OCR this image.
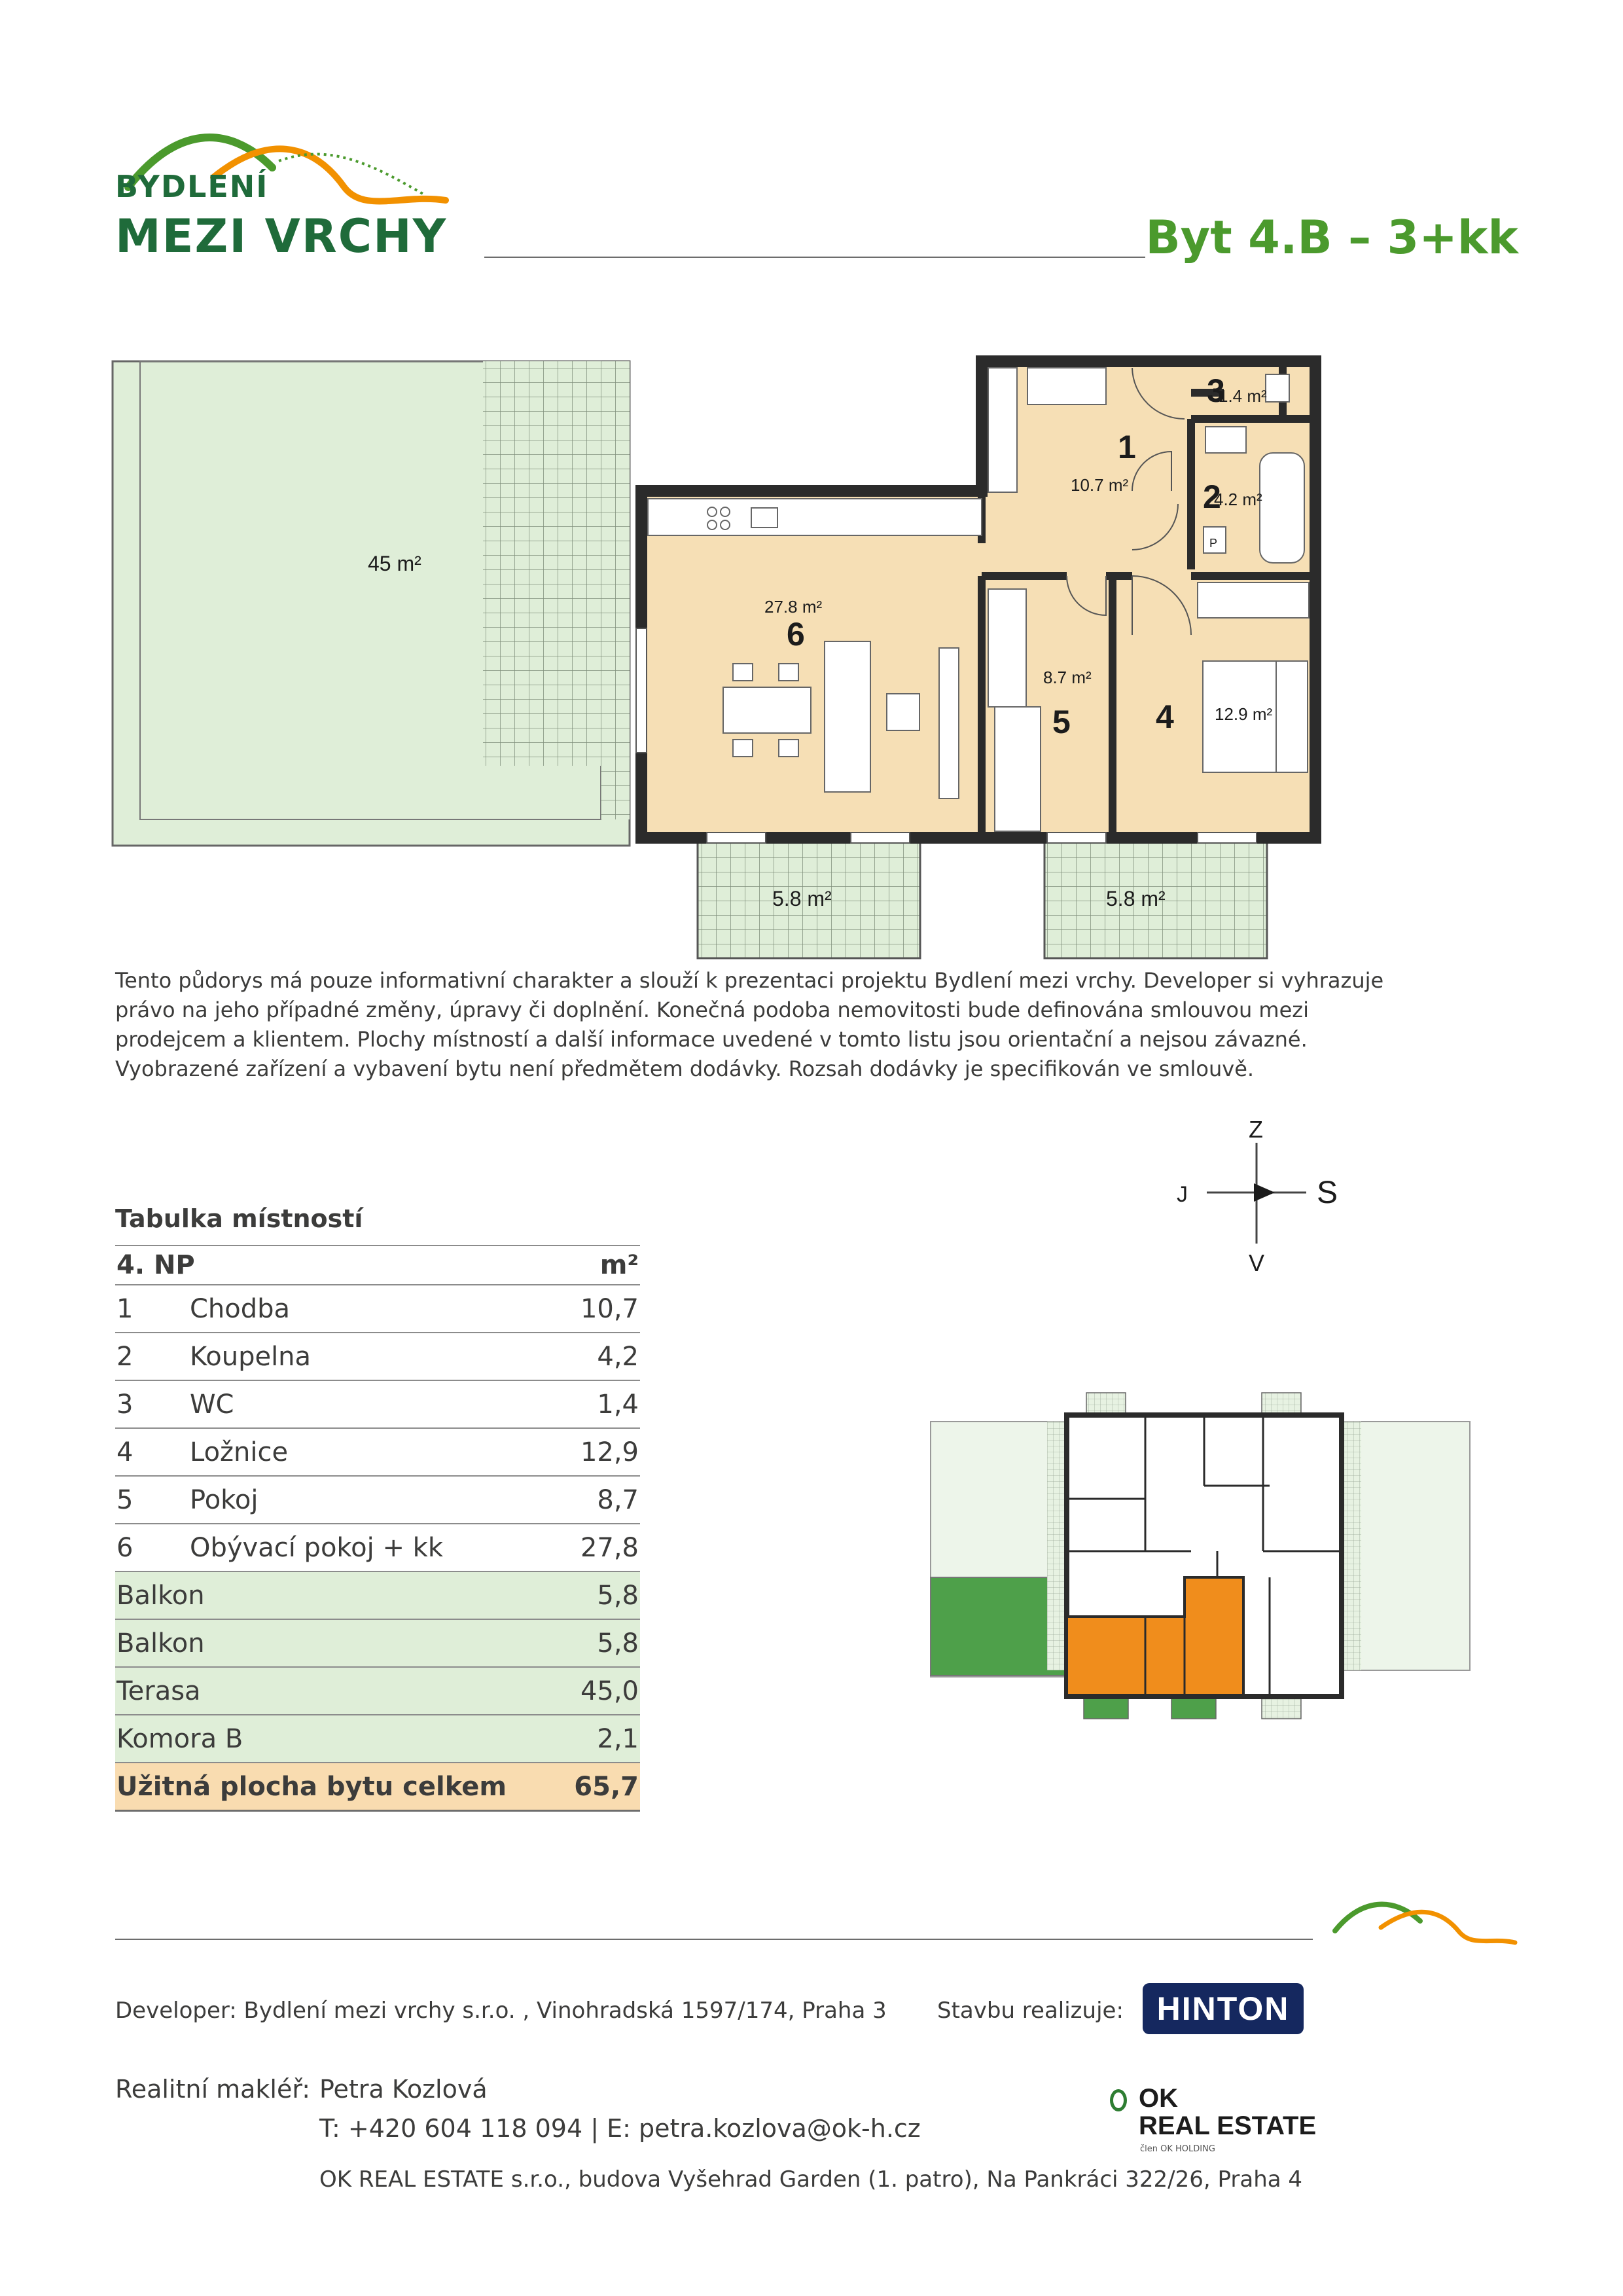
BYDLENÍ
MEZI VRCHY	Byt 4.B – 3+kk
1
10.7 m² 2
4.2 m²
3
1.4 m²
4 12.9 m²
5
8.7 m²
6
27.8 m²
45 m²
5.8 m²	5.8 m²
P
Tento půdorys má pouze informativní charakter a slouží k prezentaci projektu Bydlení mezi vrchy. Developer si vyhrazuje
právo na jeho případné změny, úpravy či doplnění. Konečná podoba nemovitosti bude definována smlouvou mezi
prodejcem a klientem. Plochy místností a další informace uvedené v tomto listu jsou orientační a nejsou závazné.
Vyobrazené zařízení a vybavení bytu není předmětem dodávky. Rozsah dodávky je specifikován ve smlouvě.
Z
J	S
V
Tabulka místností
4. NP		m²
1	Chodba	10,7
2	Koupelna	4,2
3	WC	1,4
4	Ložnice	12,9
5	Pokoj	8,7
6	Obývací pokoj + kk	27,8
Balkon		5,8
Balkon		5,8
Terasa		45,0
Komora B		2,1
Užitná plocha bytu celkem		65,7
Developer: Bydlení mezi vrchy s.r.o. , Vinohradská 1597/174, Praha 3 Stavbu realizuje:	HINTON
Realitní makléř: Petra Kozlová
T: +420 604 118 094 | E: petra.kozlova@ok-h.cz
OK
REAL ESTATE
člen OK HOLDING
OK REAL ESTATE s.r.o., budova Vyšehrad Garden (1. patro), Na Pankráci 322/26, Praha 4
